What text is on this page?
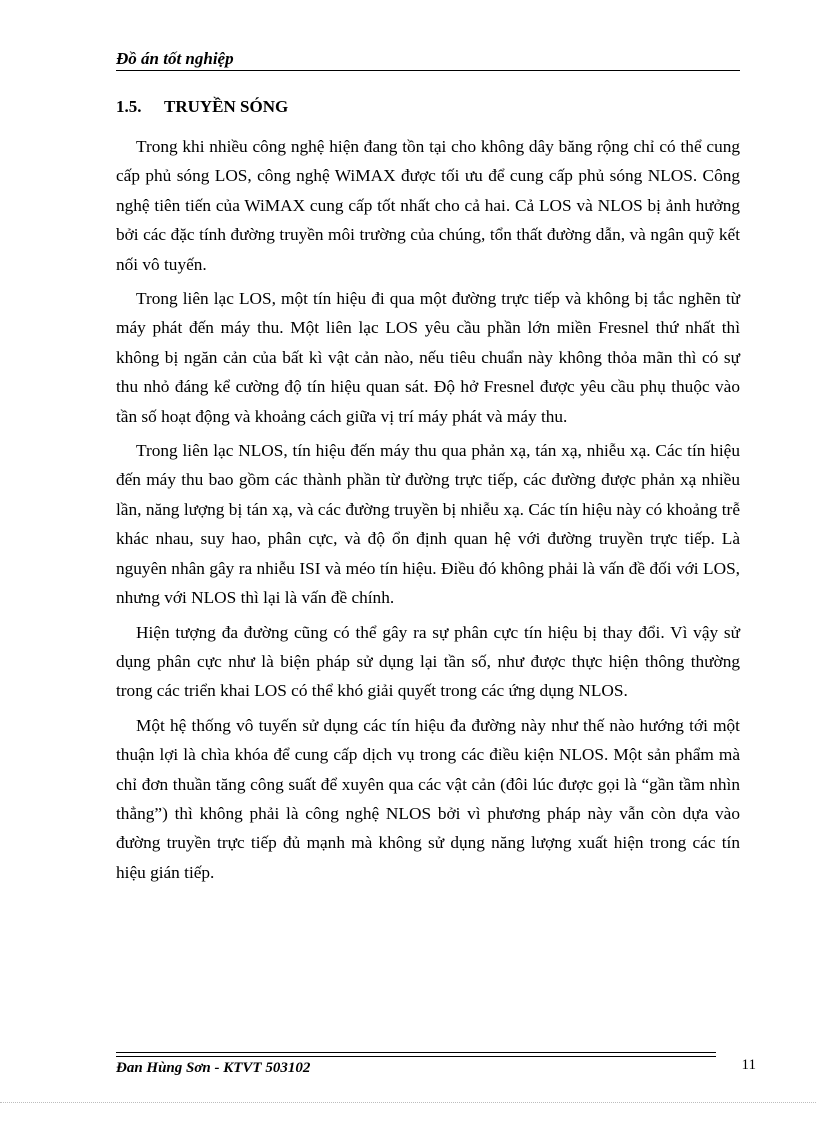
Đồ án tốt nghiệp
1.5. TRUYỀN SÓNG

Trong khi nhiều công nghệ hiện đang tồn tại cho không dây băng rộng chỉ có thể cung cấp phủ sóng LOS, công nghệ WiMAX được tối ưu để cung cấp phủ sóng NLOS. Công nghệ tiên tiến của WiMAX cung cấp tốt nhất cho cả hai. Cả LOS và NLOS bị ảnh hưởng bởi các đặc tính đường truyền môi trường của chúng, tổn thất đường dẫn, và ngân quỹ kết nối vô tuyến.

Trong liên lạc LOS, một tín hiệu đi qua một đường trực tiếp và không bị tắc nghẽn từ máy phát đến máy thu. Một liên lạc LOS yêu cầu phần lớn miền Fresnel thứ nhất thì không bị ngăn cản của bất kì vật cản nào, nếu tiêu chuẩn này không thỏa mãn thì có sự thu nhỏ đáng kể cường độ tín hiệu quan sát. Độ hở Fresnel được yêu cầu phụ thuộc vào tần số hoạt động và khoảng cách giữa vị trí máy phát và máy thu.

Trong liên lạc NLOS, tín hiệu đến máy thu qua phản xạ, tán xạ, nhiễu xạ. Các tín hiệu đến máy thu bao gồm các thành phần từ đường trực tiếp, các đường được phản xạ nhiều lần, năng lượng bị tán xạ, và các đường truyền bị nhiễu xạ. Các tín hiệu này có khoảng trễ khác nhau, suy hao, phân cực, và độ ổn định quan hệ với đường truyền trực tiếp. Là nguyên nhân gây ra nhiễu ISI và méo tín hiệu. Điều đó không phải là vấn đề đối với LOS, nhưng với NLOS thì lại là vấn đề chính.

Hiện tượng đa đường cũng có thể gây ra sự phân cực tín hiệu bị thay đổi. Vì vậy sử dụng phân cực như là biện pháp sử dụng lại tần số, như được thực hiện thông thường trong các triển khai LOS có thể khó giải quyết trong các ứng dụng NLOS.

Một hệ thống vô tuyến sử dụng các tín hiệu đa đường này như thế nào hướng tới một thuận lợi là chìa khóa để cung cấp dịch vụ trong các điều kiện NLOS. Một sản phẩm mà chỉ đơn thuần tăng công suất để xuyên qua các vật cản (đôi lúc được gọi là “gần tầm nhìn thẳng”) thì không phải là công nghệ NLOS bởi vì phương pháp này vẫn còn dựa vào đường truyền trực tiếp đủ mạnh mà không sử dụng năng lượng xuất hiện trong các tín hiệu gián tiếp.

Đan Hùng Sơn - KTVT 503102	11
